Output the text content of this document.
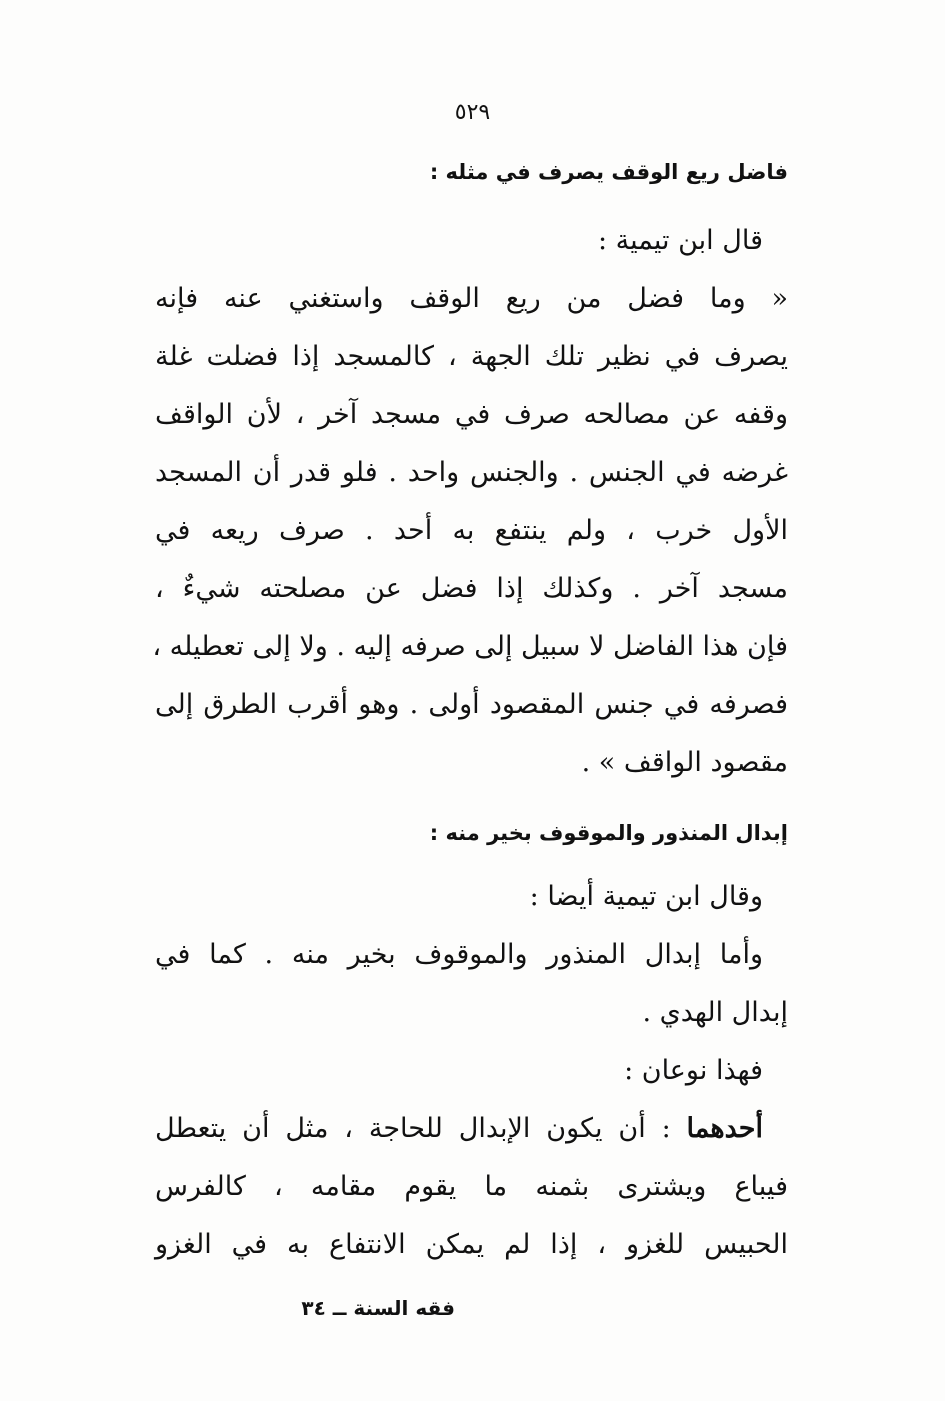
٥٢٩
فاضل ريع الوقف يصرف في مثله :
قال ابن تيمية :
« وما فضل من ريع الوقف واستغني عنه فإنه
يصرف في نظير تلك الجهة ، كالمسجد إذا فضلت غلة
وقفه عن مصالحه صرف في مسجد آخر ، لأن الواقف
غرضه في الجنس . والجنس واحد . فلو قدر أن المسجد
الأول خرب ، ولم ينتفع به أحد . صرف ريعه في
مسجد آخر . وكذلك إذا فضل عن مصلحته شيءٌ ،
فإن هذا الفاضل لا سبيل إلى صرفه إليه . ولا إلى تعطيله ،
فصرفه في جنس المقصود أولى . وهو أقرب الطرق إلى
مقصود الواقف » .
إبدال المنذور والموقوف بخير منه :
وقال ابن تيمية أيضا :
وأما إبدال المنذور والموقوف بخير منه . كما في
إبدال الهدي .
فهذا نوعان :
أحدهما : أن يكون الإبدال للحاجة ، مثل أن يتعطل
فيباع ويشترى بثمنه ما يقوم مقامه ، كالفرس
الحبيس للغزو ، إذا لم يمكن الانتفاع به في الغزو
فقه السنة ــ ٣٤
